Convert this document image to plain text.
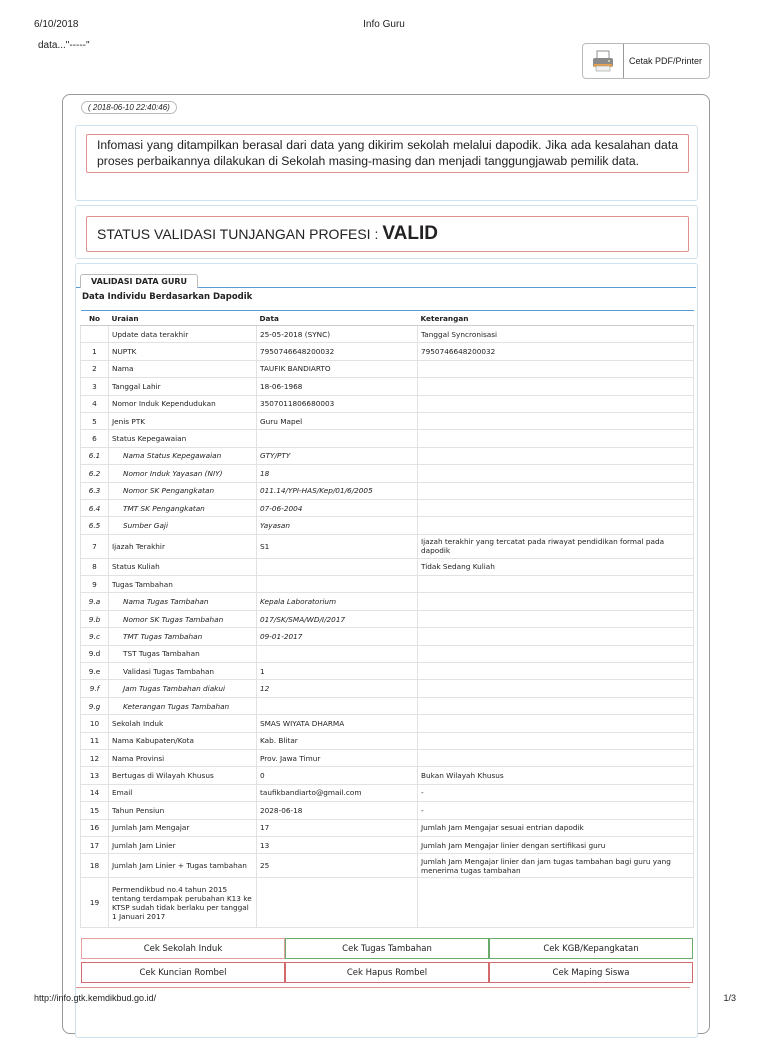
6/10/2018	Info Guru
data..."-----"
Cetak PDF/Printer
( 2018-06-10 22:40:46)
Infomasi yang ditampilkan berasal dari data yang dikirim sekolah melalui dapodik. Jika ada kesalahan data proses perbaikannya dilakukan di Sekolah masing-masing dan menjadi tanggungjawab pemilik data.
STATUS VALIDASI TUNJANGAN PROFESI : VALID
VALIDASI DATA GURU
Data Individu Berdasarkan Dapodik
No	Uraian	Data	Keterangan
	Update data terakhir	25-05-2018 (SYNC)	Tanggal Syncronisasi
1	NUPTK	7950746648200032	7950746648200032
2	Nama	TAUFIK BANDIARTO	
3	Tanggal Lahir	18-06-1968	
4	Nomor Induk Kependudukan	3507011806680003	
5	Jenis PTK	Guru Mapel	
6	Status Kepegawaian		
6.1	Nama Status Kepegawaian	GTY/PTY	
6.2	Nomor Induk Yayasan (NIY)	18	
6.3	Nomor SK Pengangkatan	011.14/YPI-HAS/Kep/01/6/2005	
6.4	TMT SK Pengangkatan	07-06-2004	
6.5	Sumber Gaji	Yayasan	
7	Ijazah Terakhir	S1	Ijazah terakhir yang tercatat pada riwayat pendidikan formal pada dapodik
8	Status Kuliah		Tidak Sedang Kuliah
9	Tugas Tambahan		
9.a	Nama Tugas Tambahan	Kepala Laboratorium	
9.b	Nomor SK Tugas Tambahan	017/SK/SMA/WD/I/2017	
9.c	TMT Tugas Tambahan	09-01-2017	
9.d	TST Tugas Tambahan		
9.e	Validasi Tugas Tambahan	1	
9.f	Jam Tugas Tambahan diakui	12	
9.g	Keterangan Tugas Tambahan		
10	Sekolah Induk	SMAS WIYATA DHARMA	
11	Nama Kabupaten/Kota	Kab. Blitar	
12	Nama Provinsi	Prov. Jawa Timur	
13	Bertugas di Wilayah Khusus	0	Bukan Wilayah Khusus
14	Email	taufikbandiarto@gmail.com	-
15	Tahun Pensiun	2028-06-18	-
16	Jumlah Jam Mengajar	17	Jumlah Jam Mengajar sesuai entrian dapodik
17	Jumlah Jam Linier	13	Jumlah Jam Mengajar linier dengan sertifikasi guru
18	Jumlah Jam Linier + Tugas tambahan	25	Jumlah Jam Mengajar linier dan jam tugas tambahan bagi guru yang menerima tugas tambahan
19	Permendikbud no.4 tahun 2015 tentang terdampak perubahan K13 ke KTSP sudah tidak berlaku per tanggal 1 Januari 2017		
Cek Sekolah Induk	Cek Tugas Tambahan	Cek KGB/Kepangkatan
Cek Kuncian Rombel	Cek Hapus Rombel	Cek Maping Siswa
http://info.gtk.kemdikbud.go.id/	1/3
